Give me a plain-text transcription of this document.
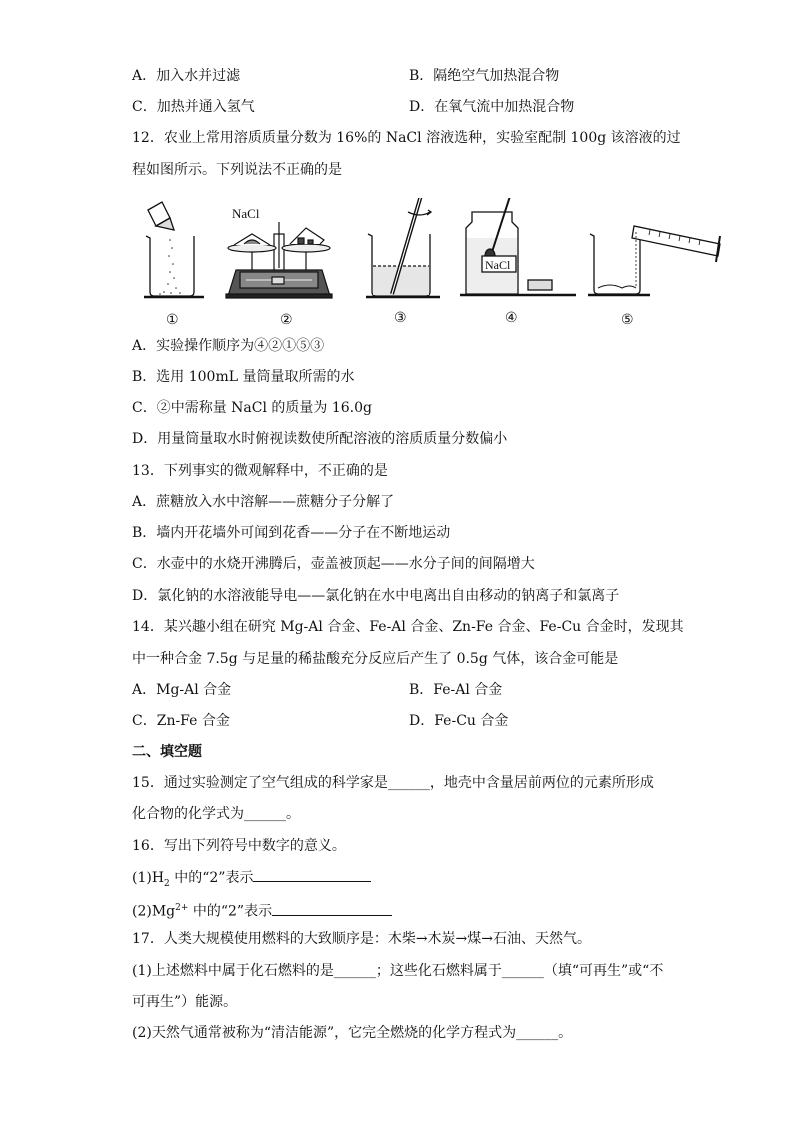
A．加入水并过滤	B．隔绝空气加热混合物
C．加热并通入氢气	D．在氧气流中加热混合物
12．农业上常用溶质质量分数为 16%的 NaCl 溶液选种，实验室配制 100g 该溶液的过
程如图所示。下列说法不正确的是
NaCl
NaCl
①	②	③	④	⑤
A．实验操作顺序为④②①⑤③
B．选用 100mL 量筒量取所需的水
C．②中需称量 NaCl 的质量为 16.0g
D．用量筒量取水时俯视读数使所配溶液的溶质质量分数偏小
13．下列事实的微观解释中，不正确的是
A．蔗糖放入水中溶解——蔗糖分子分解了
B．墙内开花墙外可闻到花香——分子在不断地运动
C．水壶中的水烧开沸腾后，壶盖被顶起——水分子间的间隔增大
D．氯化钠的水溶液能导电——氯化钠在水中电离出自由移动的钠离子和氯离子
14．某兴趣小组在研究 Mg-Al 合金、Fe-Al 合金、Zn-Fe 合金、Fe-Cu 合金时，发现其
中一种合金 7.5g 与足量的稀盐酸充分反应后产生了 0.5g 气体，该合金可能是
A．Mg-Al 合金	B．Fe-Al 合金
C．Zn-Fe 合金	D．Fe-Cu 合金
二、填空题
15．通过实验测定了空气组成的科学家是______，地壳中含量居前两位的元素所形成
化合物的化学式为______。
16．写出下列符号中数字的意义。
$(1)H_2$ 中的“2”表示
$(2)Mg^{2+}$ 中的“2”表示
17．人类大规模使用燃料的大致顺序是：木柴→木炭→煤→石油、天然气。
(1)上述燃料中属于化石燃料的是______；这些化石燃料属于______（填“可再生”或“不
可再生”）能源。
(2)天然气通常被称为“清洁能源”，它完全燃烧的化学方程式为______。
